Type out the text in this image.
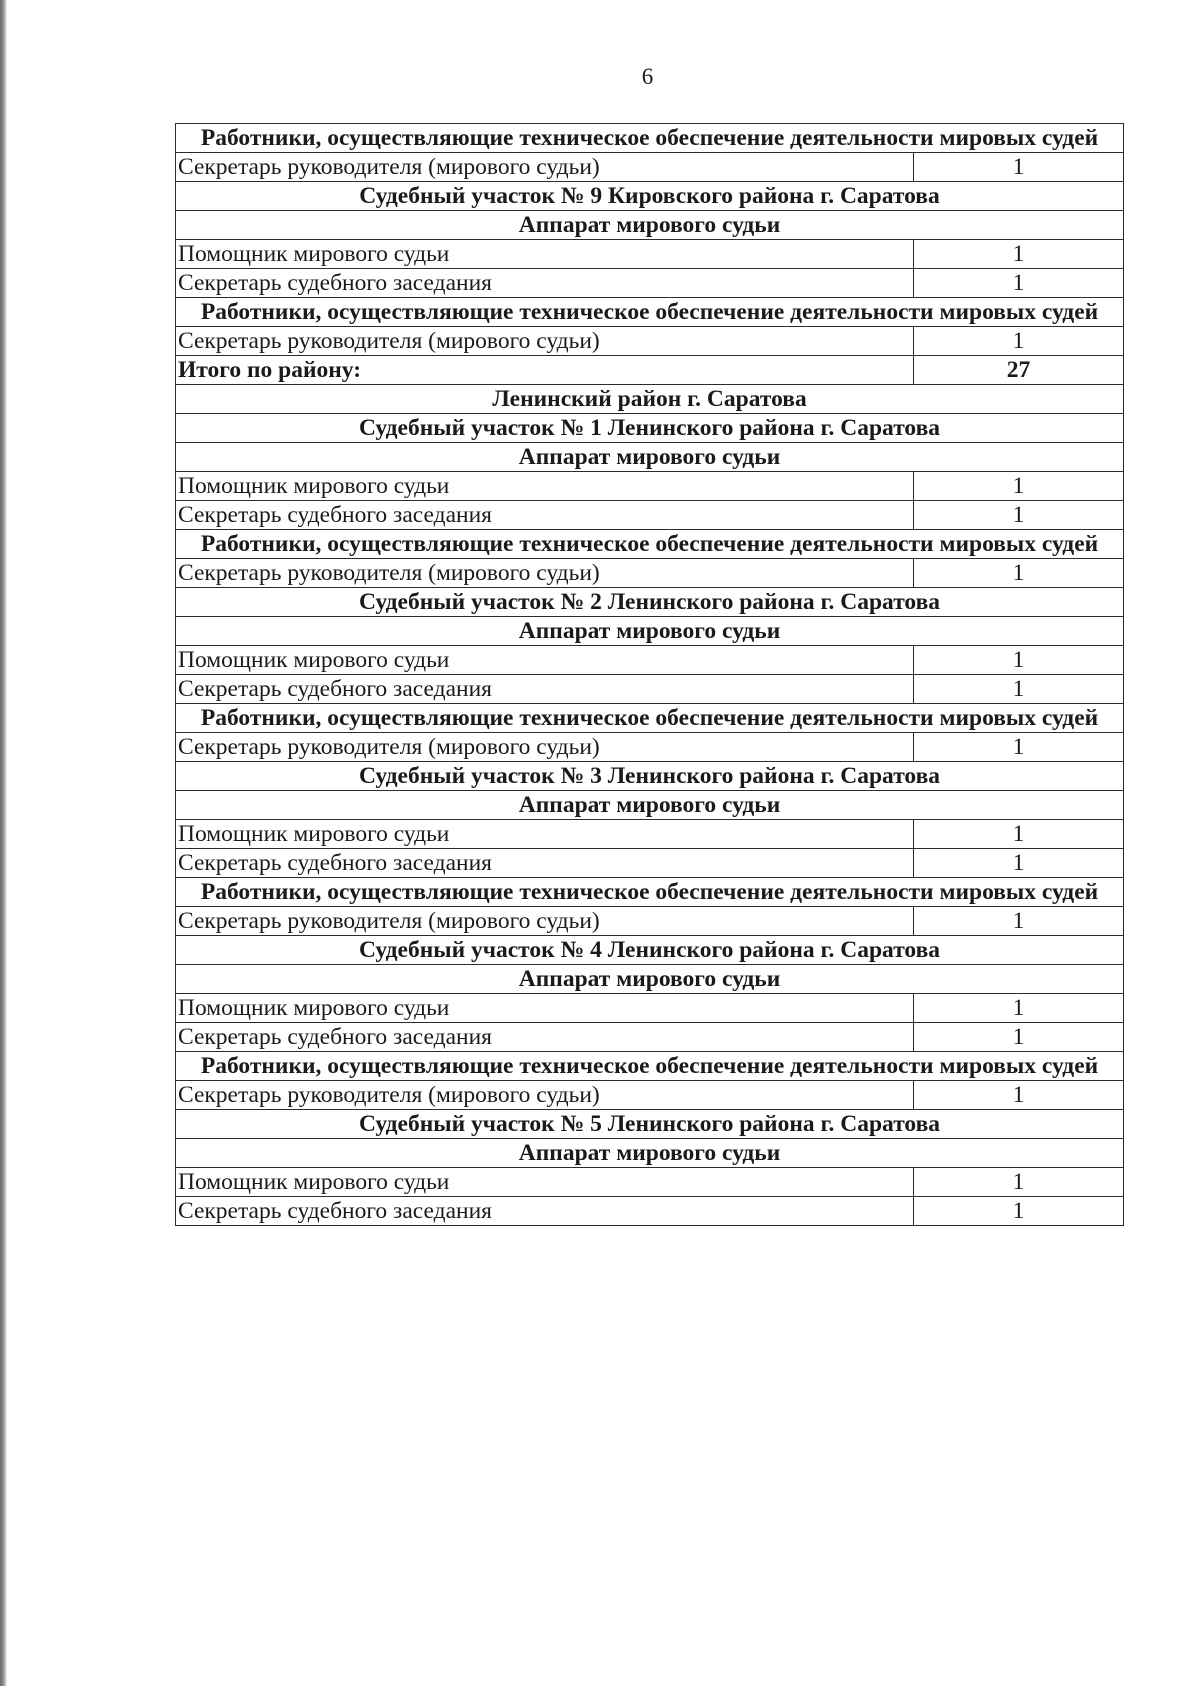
6
Работники, осуществляющие техническое обеспечение деятельности мировых судей	
Секретарь руководителя (мирового судьи)	1
Судебный участок № 9 Кировского района г. Саратова	
Аппарат мирового судьи	
Помощник мирового судьи	1
Секретарь судебного заседания	1
Работники, осуществляющие техническое обеспечение деятельности мировых судей	
Секретарь руководителя (мирового судьи)	1
Итого по району:	27
Ленинский район г. Саратова	
Судебный участок № 1 Ленинского района г. Саратова	
Аппарат мирового судьи	
Помощник мирового судьи	1
Секретарь судебного заседания	1
Работники, осуществляющие техническое обеспечение деятельности мировых судей	
Секретарь руководителя (мирового судьи)	1
Судебный участок № 2 Ленинского района г. Саратова	
Аппарат мирового судьи	
Помощник мирового судьи	1
Секретарь судебного заседания	1
Работники, осуществляющие техническое обеспечение деятельности мировых судей	
Секретарь руководителя (мирового судьи)	1
Судебный участок № 3 Ленинского района г. Саратова	
Аппарат мирового судьи	
Помощник мирового судьи	1
Секретарь судебного заседания	1
Работники, осуществляющие техническое обеспечение деятельности мировых судей	
Секретарь руководителя (мирового судьи)	1
Судебный участок № 4 Ленинского района г. Саратова	
Аппарат мирового судьи	
Помощник мирового судьи	1
Секретарь судебного заседания	1
Работники, осуществляющие техническое обеспечение деятельности мировых судей	
Секретарь руководителя (мирового судьи)	1
Судебный участок № 5 Ленинского района г. Саратова	
Аппарат мирового судьи	
Помощник мирового судьи	1
Секретарь судебного заседания	1
